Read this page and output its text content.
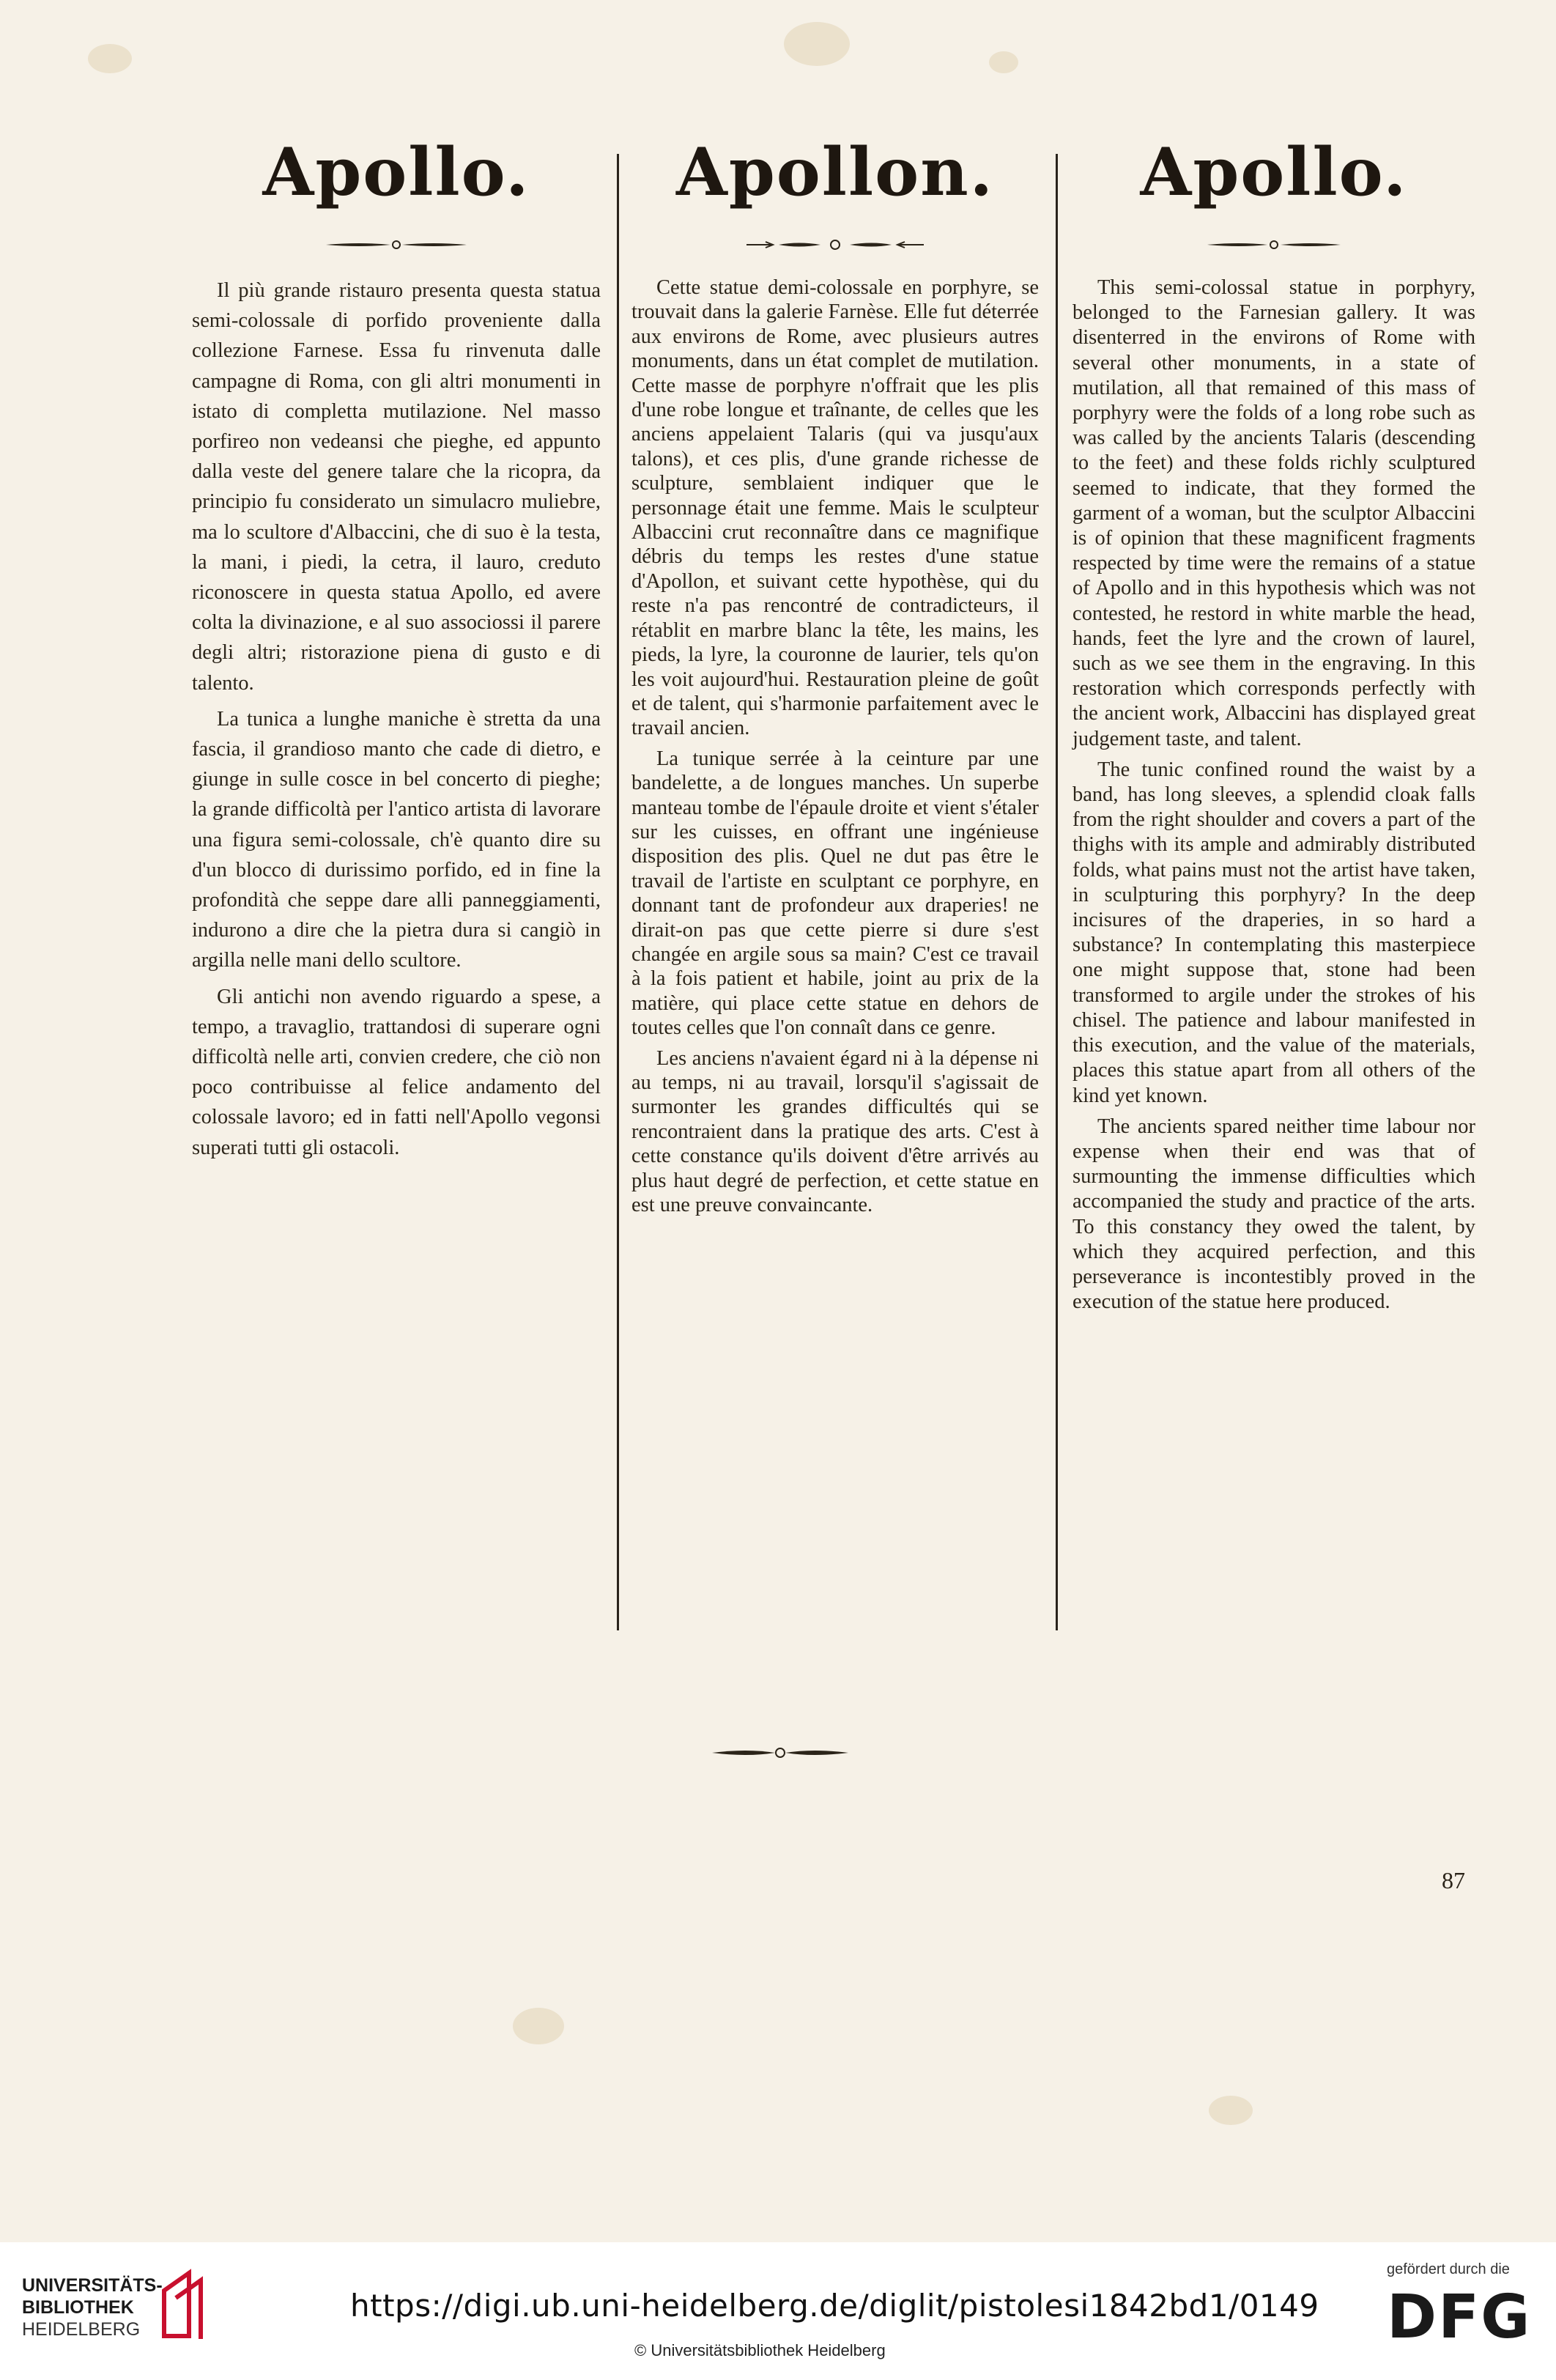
Apollo.

Il più grande ristauro presenta questa statua semi-colossale di porfido proveniente dalla collezione Farnese. Essa fu rinvenuta dalle campagne di Roma, con gli altri monumenti in istato di completta mutilazione. Nel masso porfireo non vedeansi che pieghe, ed appunto dalla veste del genere talare che la ricopra, da principio fu considerato un simulacro muliebre, ma lo scultore d'Albaccini, che di suo è la testa, la mani, i piedi, la cetra, il lauro, creduto riconoscere in questa statua Apollo, ed avere colta la divinazione, e al suo associossi il parere degli altri; ristorazione piena di gusto e di talento.

La tunica a lunghe maniche è stretta da una fascia, il grandioso manto che cade di dietro, e giunge in sulle cosce in bel concerto di pieghe; la grande difficoltà per l'antico artista di lavorare una figura semi-colossale, ch'è quanto dire su d'un blocco di durissimo porfido, ed in fine la profondità che seppe dare alli panneggiamenti, indurono a dire che la pietra dura si cangiò in argilla nelle mani dello scultore.

Gli antichi non avendo riguardo a spese, a tempo, a travaglio, trattandosi di superare ogni difficoltà nelle arti, convien credere, che ciò non poco contribuisse al felice andamento del colossale lavoro; ed in fatti nell'Apollo vegonsi superati tutti gli ostacoli.

Apollon.

Cette statue demi-colossale en porphyre, se trouvait dans la galerie Farnèse. Elle fut déterrée aux environs de Rome, avec plusieurs autres monuments, dans un état complet de mutilation. Cette masse de porphyre n'offrait que les plis d'une robe longue et traînante, de celles que les anciens appelaient Talaris (qui va jusqu'aux talons), et ces plis, d'une grande richesse de sculpture, semblaient indiquer que le personnage était une femme. Mais le sculpteur Albaccini crut reconnaître dans ce magnifique débris du temps les restes d'une statue d'Apollon, et suivant cette hypothèse, qui du reste n'a pas rencontré de contradicteurs, il rétablit en marbre blanc la tête, les mains, les pieds, la lyre, la couronne de laurier, tels qu'on les voit aujourd'hui. Restauration pleine de goût et de talent, qui s'harmonie parfaitement avec le travail ancien.

La tunique serrée à la ceinture par une bandelette, a de longues manches. Un superbe manteau tombe de l'épaule droite et vient s'étaler sur les cuisses, en offrant une ingénieuse disposition des plis. Quel ne dut pas être le travail de l'artiste en sculptant ce porphyre, en donnant tant de profondeur aux draperies! ne dirait-on pas que cette pierre si dure s'est changée en argile sous sa main? C'est ce travail à la fois patient et habile, joint au prix de la matière, qui place cette statue en dehors de toutes celles que l'on connaît dans ce genre.

Les anciens n'avaient égard ni à la dépense ni au temps, ni au travail, lorsqu'il s'agissait de surmonter les grandes difficultés qui se rencontraient dans la pratique des arts. C'est à cette constance qu'ils doivent d'être arrivés au plus haut degré de perfection, et cette statue en est une preuve convaincante.

Apollo.

This semi-colossal statue in porphyry, belonged to the Farnesian gallery. It was disenterred in the environs of Rome with several other monuments, in a state of mutilation, all that remained of this mass of porphyry were the folds of a long robe such as was called by the ancients Talaris (descending to the feet) and these folds richly sculptured seemed to indicate, that they formed the garment of a woman, but the sculptor Albaccini is of opinion that these magnificent fragments respected by time were the remains of a statue of Apollo and in this hypothesis which was not contested, he restord in white marble the head, hands, feet the lyre and the crown of laurel, such as we see them in the engraving. In this restoration which corresponds perfectly with the ancient work, Albaccini has displayed great judgement taste, and talent.

The tunic confined round the waist by a band, has long sleeves, a splendid cloak falls from the right shoulder and covers a part of the thighs with its ample and admirably distributed folds, what pains must not the artist have taken, in sculpturing this porphyry? In the deep incisures of the draperies, in so hard a substance? In contemplating this masterpiece one might suppose that, stone had been transformed to argile under the strokes of his chisel. The patience and labour manifested in this execution, and the value of the materials, places this statue apart from all others of the kind yet known.

The ancients spared neither time labour nor expense when their end was that of surmounting the immense difficulties which accompanied the study and practice of the arts. To this constancy they owed the talent, by which they acquired perfection, and this perseverance is incontestibly proved in the execution of the statue here produced.

87
UNIVERSITÄTS-
BIBLIOTHEK
HEIDELBERG
https://digi.ub.uni-heidelberg.de/diglit/pistolesi1842bd1/0149
© Universitätsbibliothek Heidelberg
gefördert durch die
DFG
